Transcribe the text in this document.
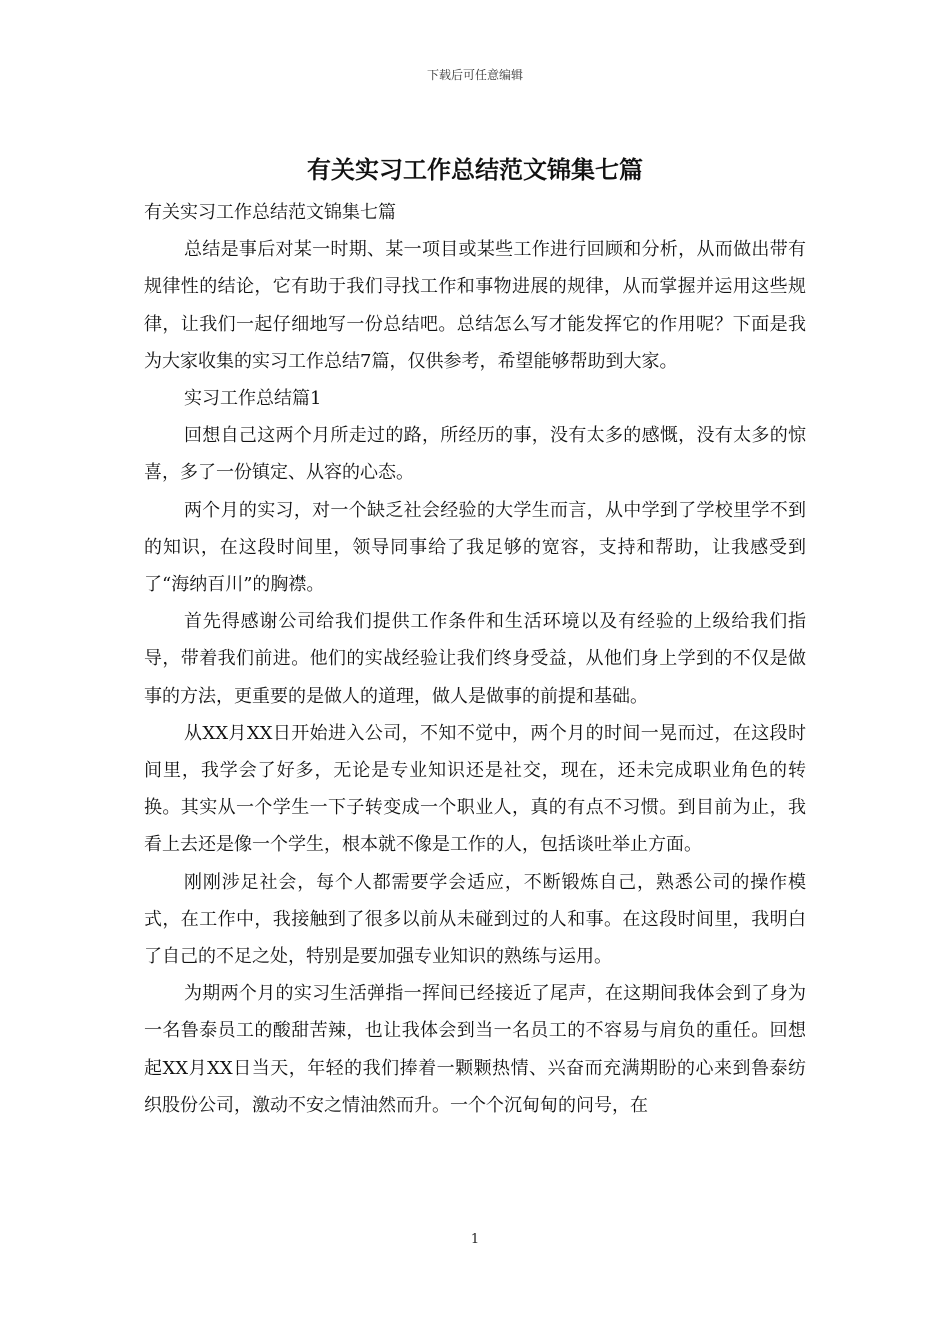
下载后可任意编辑
有关实习工作总结范文锦集七篇

有关实习工作总结范文锦集七篇

总结是事后对某一时期、某一项目或某些工作进行回顾和分析，从而做出带有规律性的结论，它有助于我们寻找工作和事物进展的规律，从而掌握并运用这些规律，让我们一起仔细地写一份总结吧。总结怎么写才能发挥它的作用呢？下面是我为大家收集的实习工作总结7篇，仅供参考，希望能够帮助到大家。

实习工作总结篇1

回想自己这两个月所走过的路，所经历的事，没有太多的感慨，没有太多的惊喜，多了一份镇定、从容的心态。

两个月的实习，对一个缺乏社会经验的大学生而言，从中学到了学校里学不到的知识，在这段时间里，领导同事给了我足够的宽容，支持和帮助，让我感受到了“海纳百川”的胸襟。

首先得感谢公司给我们提供工作条件和生活环境以及有经验的上级给我们指导，带着我们前进。他们的实战经验让我们终身受益，从他们身上学到的不仅是做事的方法，更重要的是做人的道理，做人是做事的前提和基础。

从XX月XX日开始进入公司，不知不觉中，两个月的时间一晃而过，在这段时间里，我学会了好多，无论是专业知识还是社交，现在，还未完成职业角色的转换。其实从一个学生一下子转变成一个职业人，真的有点不习惯。到目前为止，我看上去还是像一个学生，根本就不像是工作的人，包括谈吐举止方面。

刚刚涉足社会，每个人都需要学会适应，不断锻炼自己，熟悉公司的操作模式，在工作中，我接触到了很多以前从未碰到过的人和事。在这段时间里，我明白了自己的不足之处，特别是要加强专业知识的熟练与运用。

为期两个月的实习生活弹指一挥间已经接近了尾声，在这期间我体会到了身为一名鲁泰员工的酸甜苦辣，也让我体会到当一名员工的不容易与肩负的重任。回想起XX月XX日当天，年轻的我们捧着一颗颗热情、兴奋而充满期盼的心来到鲁泰纺织股份公司，激动不安之情油然而升。一个个沉甸甸的问号，在

1
